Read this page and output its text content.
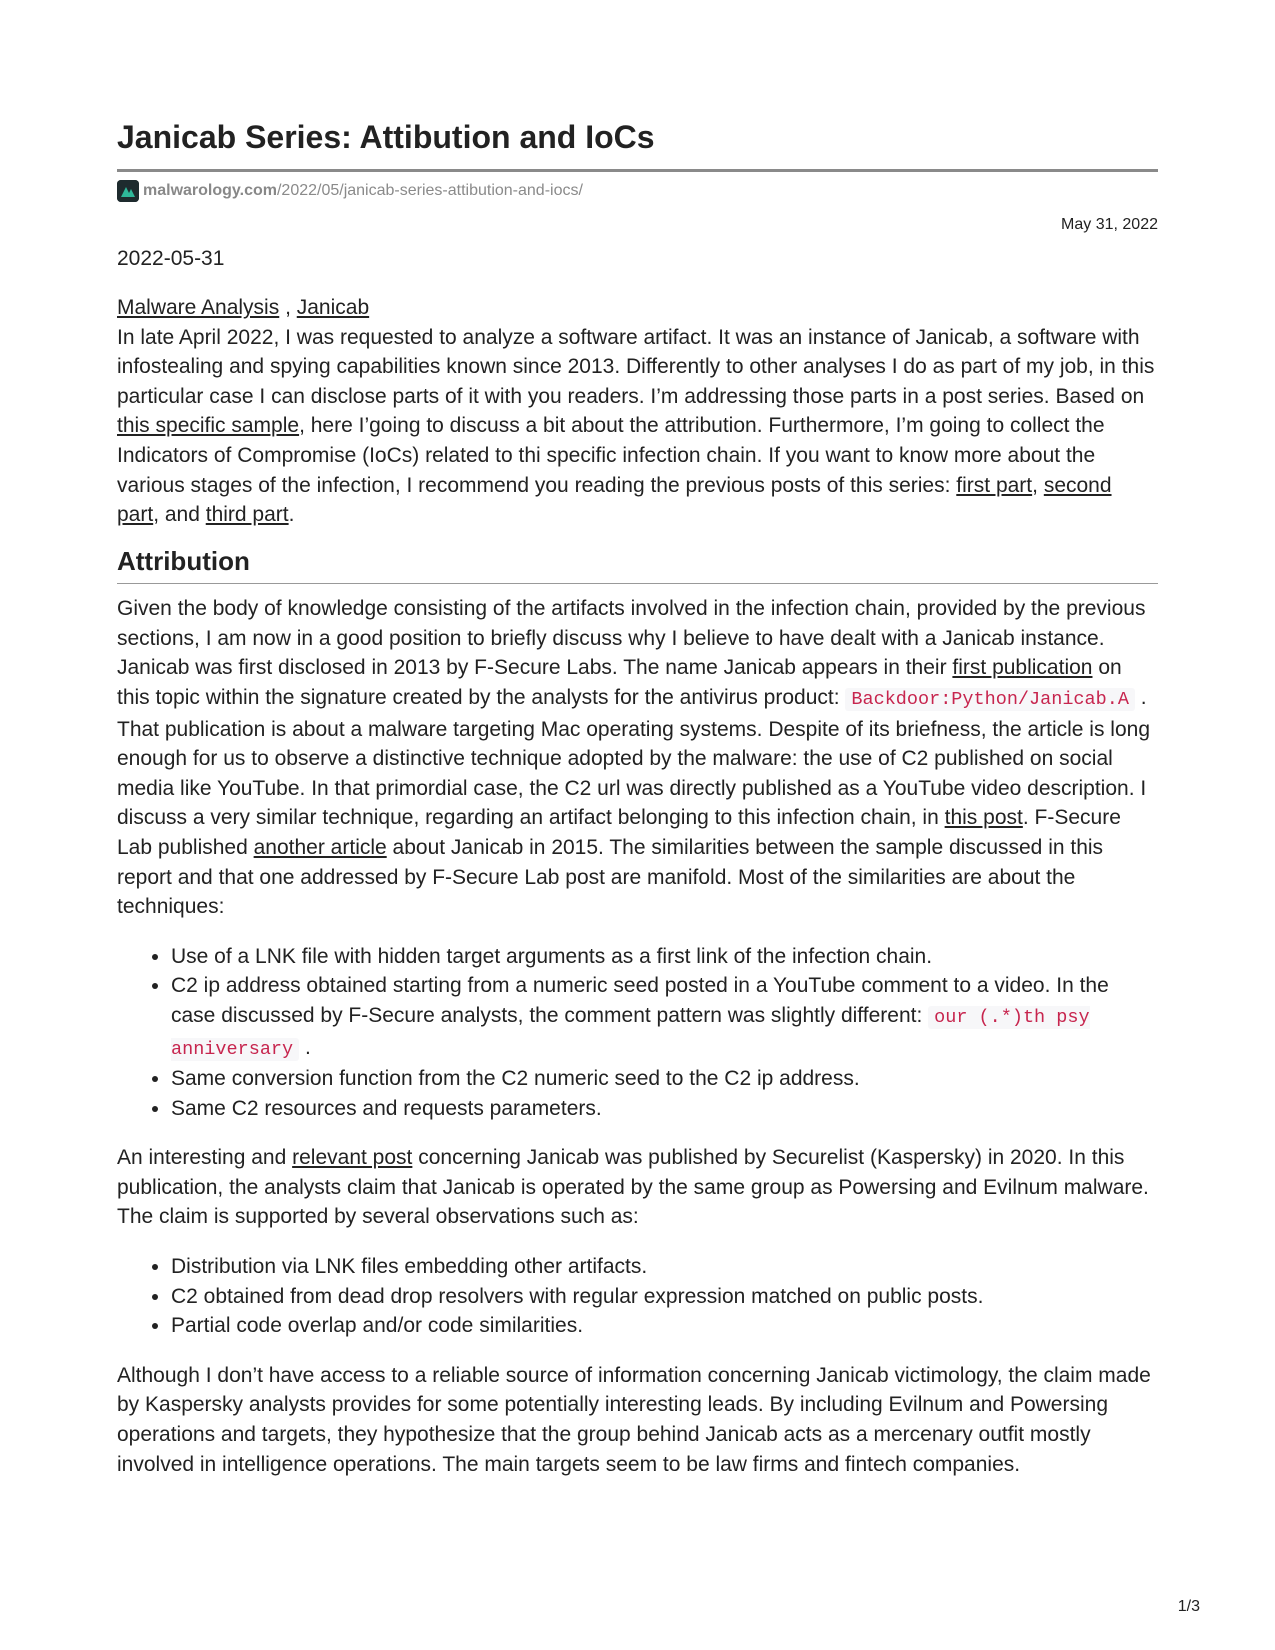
Janicab Series: Attibution and IoCs
malwarology.com /2022/05/janicab-series-attibution-and-iocs/
May 31, 2022

2022-05-31

Malware Analysis , Janicab

In late April 2022, I was requested to analyze a software artifact. It was an instance of Janicab, a software with infostealing and spying capabilities known since 2013. Differently to other analyses I do as part of my job, in this particular case I can disclose parts of it with you readers. I’m addressing those parts in a post series. Based on this specific sample, here I’going to discuss a bit about the attribution. Furthermore, I’m going to collect the Indicators of Compromise (IoCs) related to thi specific infection chain. If you want to know more about the various stages of the infection, I recommend you reading the previous posts of this series: first part, second part, and third part.

Attribution

Given the body of knowledge consisting of the artifacts involved in the infection chain, provided by the previous sections, I am now in a good position to briefly discuss why I believe to have dealt with a Janicab instance. Janicab was first disclosed in 2013 by F-Secure Labs. The name Janicab appears in their first publication on this topic within the signature created by the analysts for the antivirus product: Backdoor:Python/Janicab.A . That publication is about a malware targeting Mac operating systems. Despite of its briefness, the article is long enough for us to observe a distinctive technique adopted by the malware: the use of C2 published on social media like YouTube. In that primordial case, the C2 url was directly published as a YouTube video description. I discuss a very similar technique, regarding an artifact belonging to this infection chain, in this post. F-Secure Lab published another article about Janicab in 2015. The similarities between the sample discussed in this report and that one addressed by F-Secure Lab post are manifold. Most of the similarities are about the techniques:

• Use of a LNK file with hidden target arguments as a first link of the infection chain.
• C2 ip address obtained starting from a numeric seed posted in a YouTube comment to a video. In the case discussed by F-Secure analysts, the comment pattern was slightly different: our (.*)th psy anniversary .
• Same conversion function from the C2 numeric seed to the C2 ip address.
• Same C2 resources and requests parameters.

An interesting and relevant post concerning Janicab was published by Securelist (Kaspersky) in 2020. In this publication, the analysts claim that Janicab is operated by the same group as Powersing and Evilnum malware. The claim is supported by several observations such as:

• Distribution via LNK files embedding other artifacts.
• C2 obtained from dead drop resolvers with regular expression matched on public posts.
• Partial code overlap and/or code similarities.

Although I don’t have access to a reliable source of information concerning Janicab victimology, the claim made by Kaspersky analysts provides for some potentially interesting leads. By including Evilnum and Powersing operations and targets, they hypothesize that the group behind Janicab acts as a mercenary outfit mostly involved in intelligence operations. The main targets seem to be law firms and fintech companies.

1/3
